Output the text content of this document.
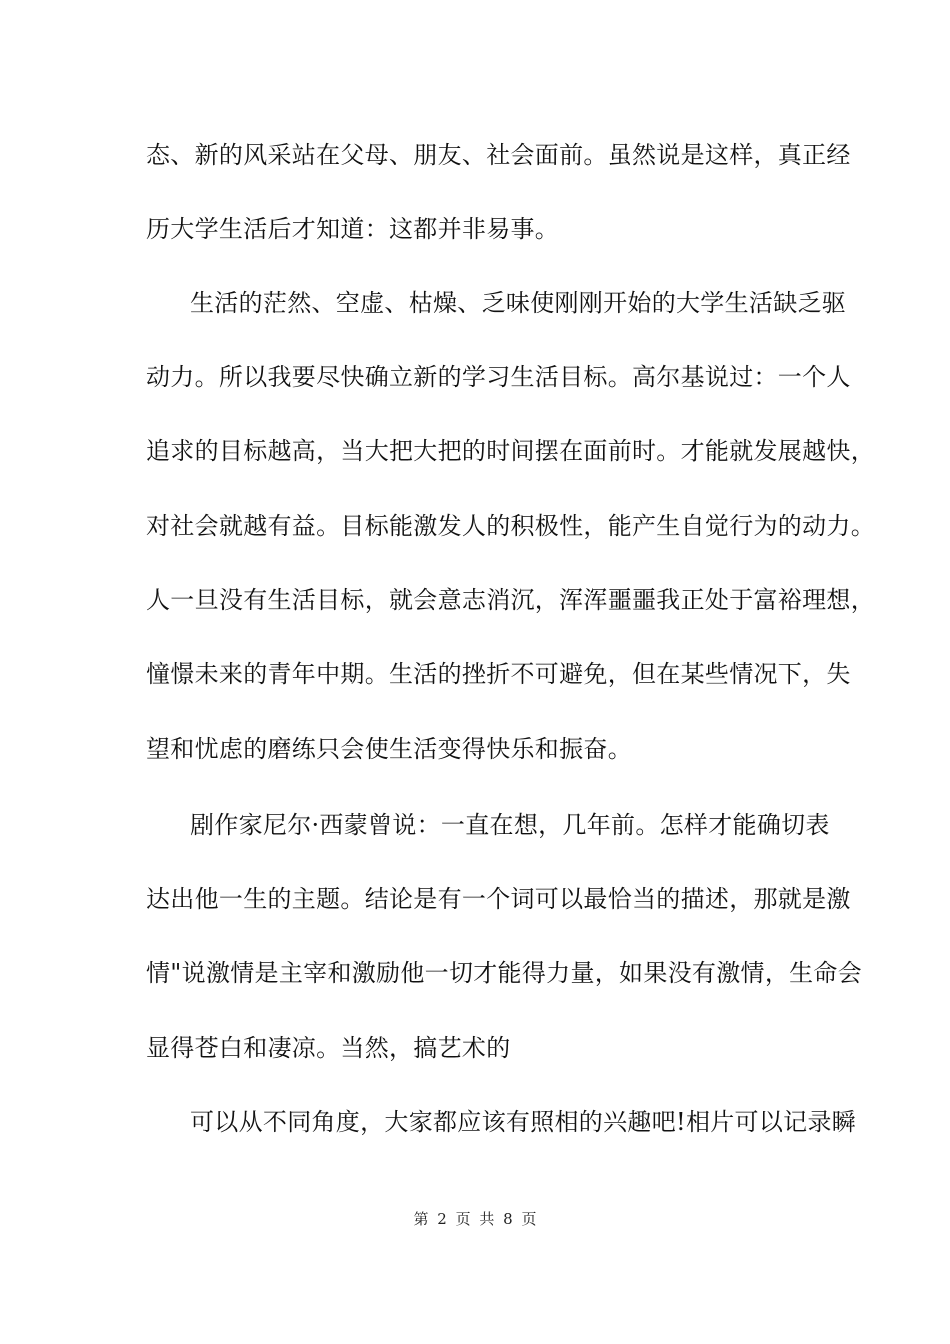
态、新的风采站在父母、朋友、社会面前。虽然说是这样，真正经
历大学生活后才知道：这都并非易事。
生活的茫然、空虚、枯燥、乏味使刚刚开始的大学生活缺乏驱
动力。所以我要尽快确立新的学习生活目标。高尔基说过：一个人
追求的目标越高，当大把大把的时间摆在面前时。才能就发展越快，
对社会就越有益。目标能激发人的积极性，能产生自觉行为的动力。
人一旦没有生活目标，就会意志消沉，浑浑噩噩我正处于富裕理想，
憧憬未来的青年中期。生活的挫折不可避免，但在某些情况下，失
望和忧虑的磨练只会使生活变得快乐和振奋。
剧作家尼尔·西蒙曾说：一直在想，几年前。怎样才能确切表
达出他一生的主题。结论是有一个词可以最恰当的描述，那就是激
情"说激情是主宰和激励他一切才能得力量，如果没有激情，生命会
显得苍白和凄凉。当然，搞艺术的
可以从不同角度，大家都应该有照相的兴趣吧!相片可以记录瞬
第 2 页 共 8 页
